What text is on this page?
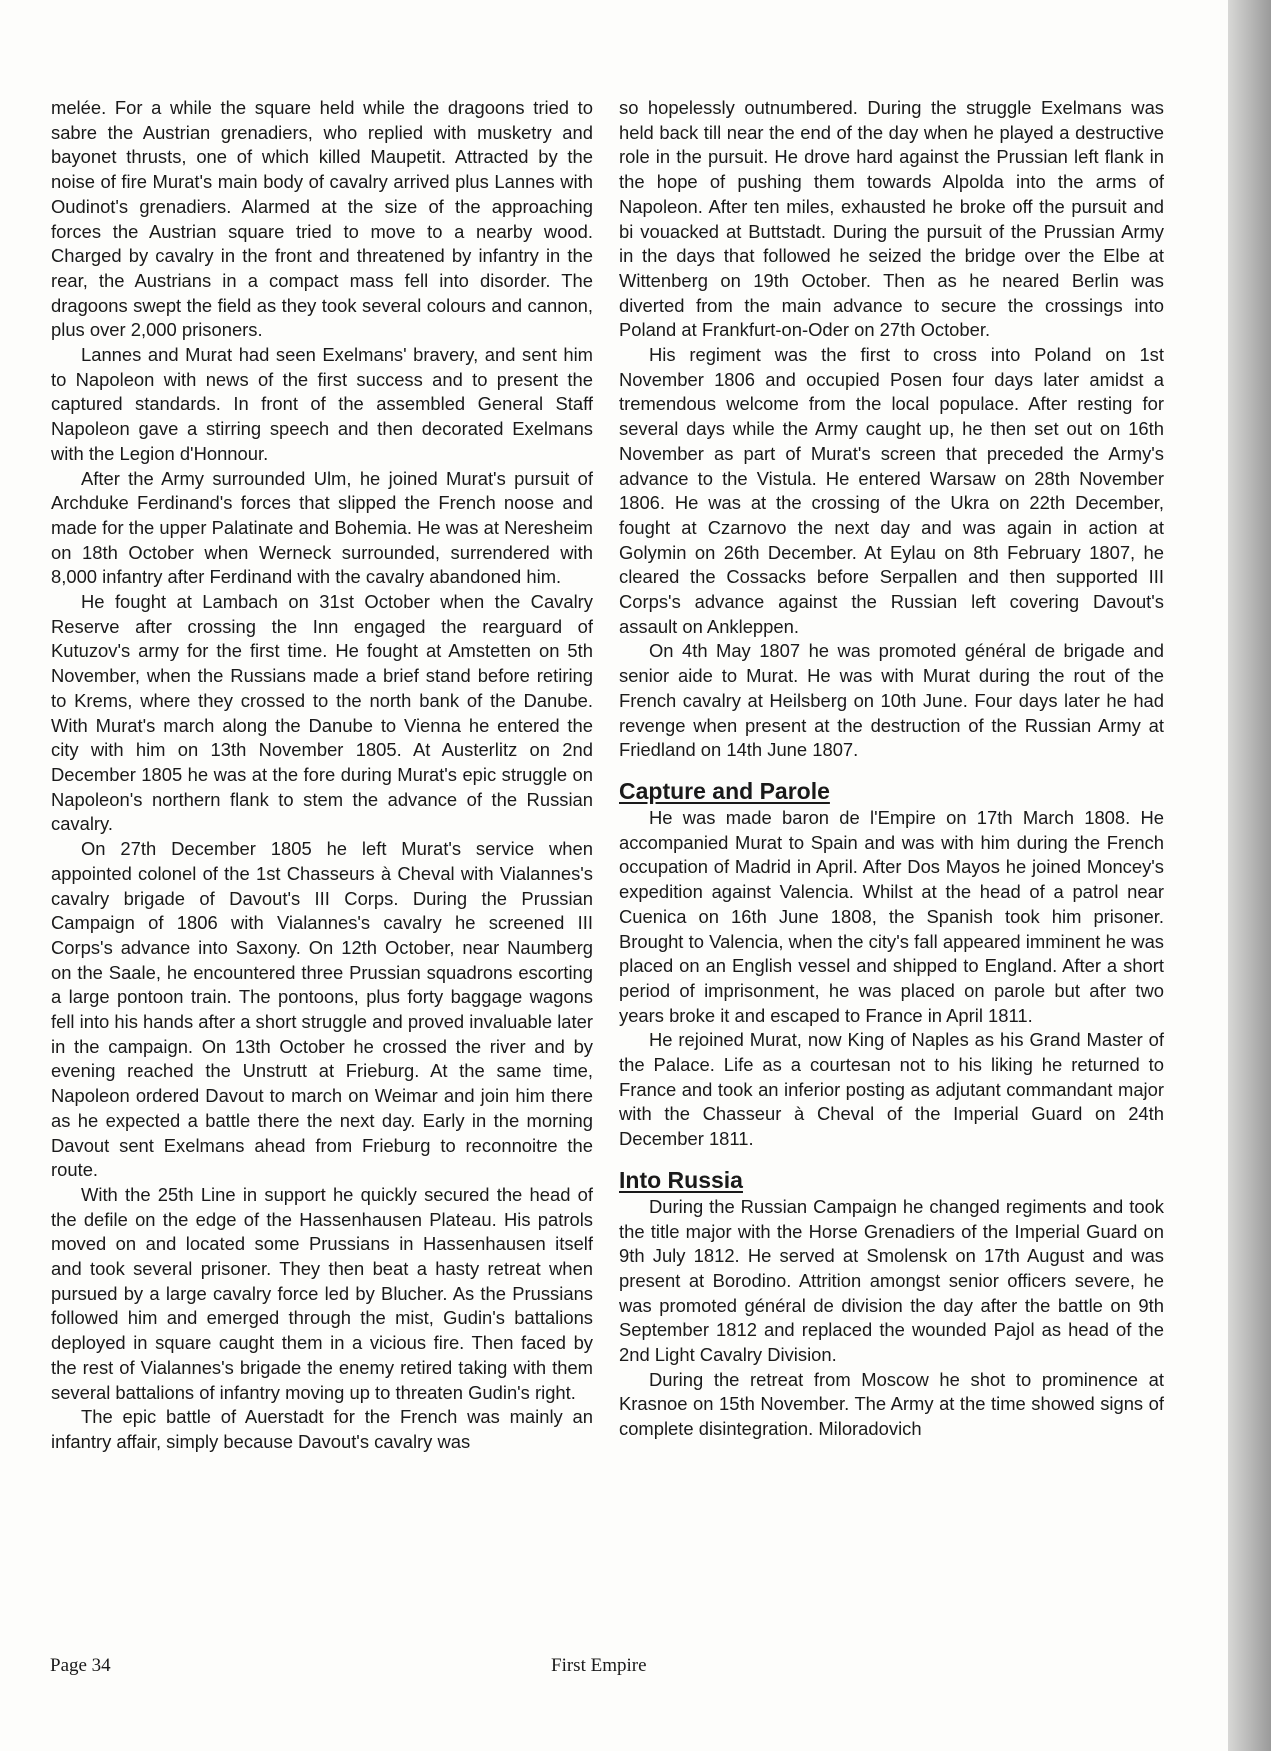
melée. For a while the square held while the dragoons tried to sabre the Austrian grenadiers, who replied with musketry and bayonet thrusts, one of which killed Maupetit. Attracted by the noise of fire Murat's main body of cavalry arrived plus Lannes with Oudinot's grenadiers. Alarmed at the size of the approaching forces the Austrian square tried to move to a nearby wood. Charged by cavalry in the front and threatened by infantry in the rear, the Austrians in a compact mass fell into disorder. The dragoons swept the field as they took several colours and cannon, plus over 2,000 prisoners.

Lannes and Murat had seen Exelmans' bravery, and sent him to Napoleon with news of the first success and to present the captured standards. In front of the assembled General Staff Napoleon gave a stirring speech and then decorated Exelmans with the Legion d'Honnour.

After the Army surrounded Ulm, he joined Murat's pursuit of Archduke Ferdinand's forces that slipped the French noose and made for the upper Palatinate and Bohemia. He was at Neresheim on 18th October when Werneck surrounded, surrendered with 8,000 infantry after Ferdinand with the cavalry abandoned him.

He fought at Lambach on 31st October when the Cavalry Reserve after crossing the Inn engaged the rearguard of Kutuzov's army for the first time. He fought at Amstetten on 5th November, when the Russians made a brief stand before retiring to Krems, where they crossed to the north bank of the Danube. With Murat's march along the Danube to Vienna he entered the city with him on 13th November 1805. At Austerlitz on 2nd December 1805 he was at the fore during Murat's epic struggle on Napoleon's northern flank to stem the advance of the Russian cavalry.

On 27th December 1805 he left Murat's service when appointed colonel of the 1st Chasseurs à Cheval with Vialannes's cavalry brigade of Davout's III Corps. During the Prussian Campaign of 1806 with Vialannes's cavalry he screened III Corps's advance into Saxony. On 12th October, near Naumberg on the Saale, he encountered three Prussian squadrons escorting a large pontoon train. The pontoons, plus forty baggage wagons fell into his hands after a short struggle and proved invaluable later in the campaign. On 13th October he crossed the river and by evening reached the Unstrutt at Frieburg. At the same time, Napoleon ordered Davout to march on Weimar and join him there as he expected a battle there the next day. Early in the morning Davout sent Exelmans ahead from Frieburg to reconnoitre the route.

With the 25th Line in support he quickly secured the head of the defile on the edge of the Hassenhausen Plateau. His patrols moved on and located some Prussians in Hassenhausen itself and took several prisoner. They then beat a hasty retreat when pursued by a large cavalry force led by Blucher. As the Prussians followed him and emerged through the mist, Gudin's battalions deployed in square caught them in a vicious fire. Then faced by the rest of Vialannes's brigade the enemy retired taking with them several battalions of infantry moving up to threaten Gudin's right.

The epic battle of Auerstadt for the French was mainly an infantry affair, simply because Davout's cavalry was

so hopelessly outnumbered. During the struggle Exelmans was held back till near the end of the day when he played a destructive role in the pursuit. He drove hard against the Prussian left flank in the hope of pushing them towards Alpolda into the arms of Napoleon. After ten miles, exhausted he broke off the pursuit and bi vouacked at Buttstadt. During the pursuit of the Prussian Army in the days that followed he seized the bridge over the Elbe at Wittenberg on 19th October. Then as he neared Berlin was diverted from the main advance to secure the crossings into Poland at Frankfurt-on-Oder on 27th October.

His regiment was the first to cross into Poland on 1st November 1806 and occupied Posen four days later amidst a tremendous welcome from the local populace. After resting for several days while the Army caught up, he then set out on 16th November as part of Murat's screen that preceded the Army's advance to the Vistula. He entered Warsaw on 28th November 1806. He was at the crossing of the Ukra on 22th December, fought at Czarnovo the next day and was again in action at Golymin on 26th December. At Eylau on 8th February 1807, he cleared the Cossacks before Serpallen and then supported III Corps's advance against the Russian left covering Davout's assault on Ankleppen.

On 4th May 1807 he was promoted général de brigade and senior aide to Murat. He was with Murat during the rout of the French cavalry at Heilsberg on 10th June. Four days later he had revenge when present at the destruction of the Russian Army at Friedland on 14th June 1807.

Capture and Parole

He was made baron de l'Empire on 17th March 1808. He accompanied Murat to Spain and was with him during the French occupation of Madrid in April. After Dos Mayos he joined Moncey's expedition against Valencia. Whilst at the head of a patrol near Cuenica on 16th June 1808, the Spanish took him prisoner. Brought to Valencia, when the city's fall appeared imminent he was placed on an English vessel and shipped to England. After a short period of imprisonment, he was placed on parole but after two years broke it and escaped to France in April 1811.

He rejoined Murat, now King of Naples as his Grand Master of the Palace. Life as a courtesan not to his liking he returned to France and took an inferior posting as adjutant commandant major with the Chasseur à Cheval of the Imperial Guard on 24th December 1811.

Into Russia

During the Russian Campaign he changed regiments and took the title major with the Horse Grenadiers of the Imperial Guard on 9th July 1812. He served at Smolensk on 17th August and was present at Borodino. Attrition amongst senior officers severe, he was promoted général de division the day after the battle on 9th September 1812 and replaced the wounded Pajol as head of the 2nd Light Cavalry Division.

During the retreat from Moscow he shot to prominence at Krasnoe on 15th November. The Army at the time showed signs of complete disintegration. Miloradovich

Page 34	First Empire
